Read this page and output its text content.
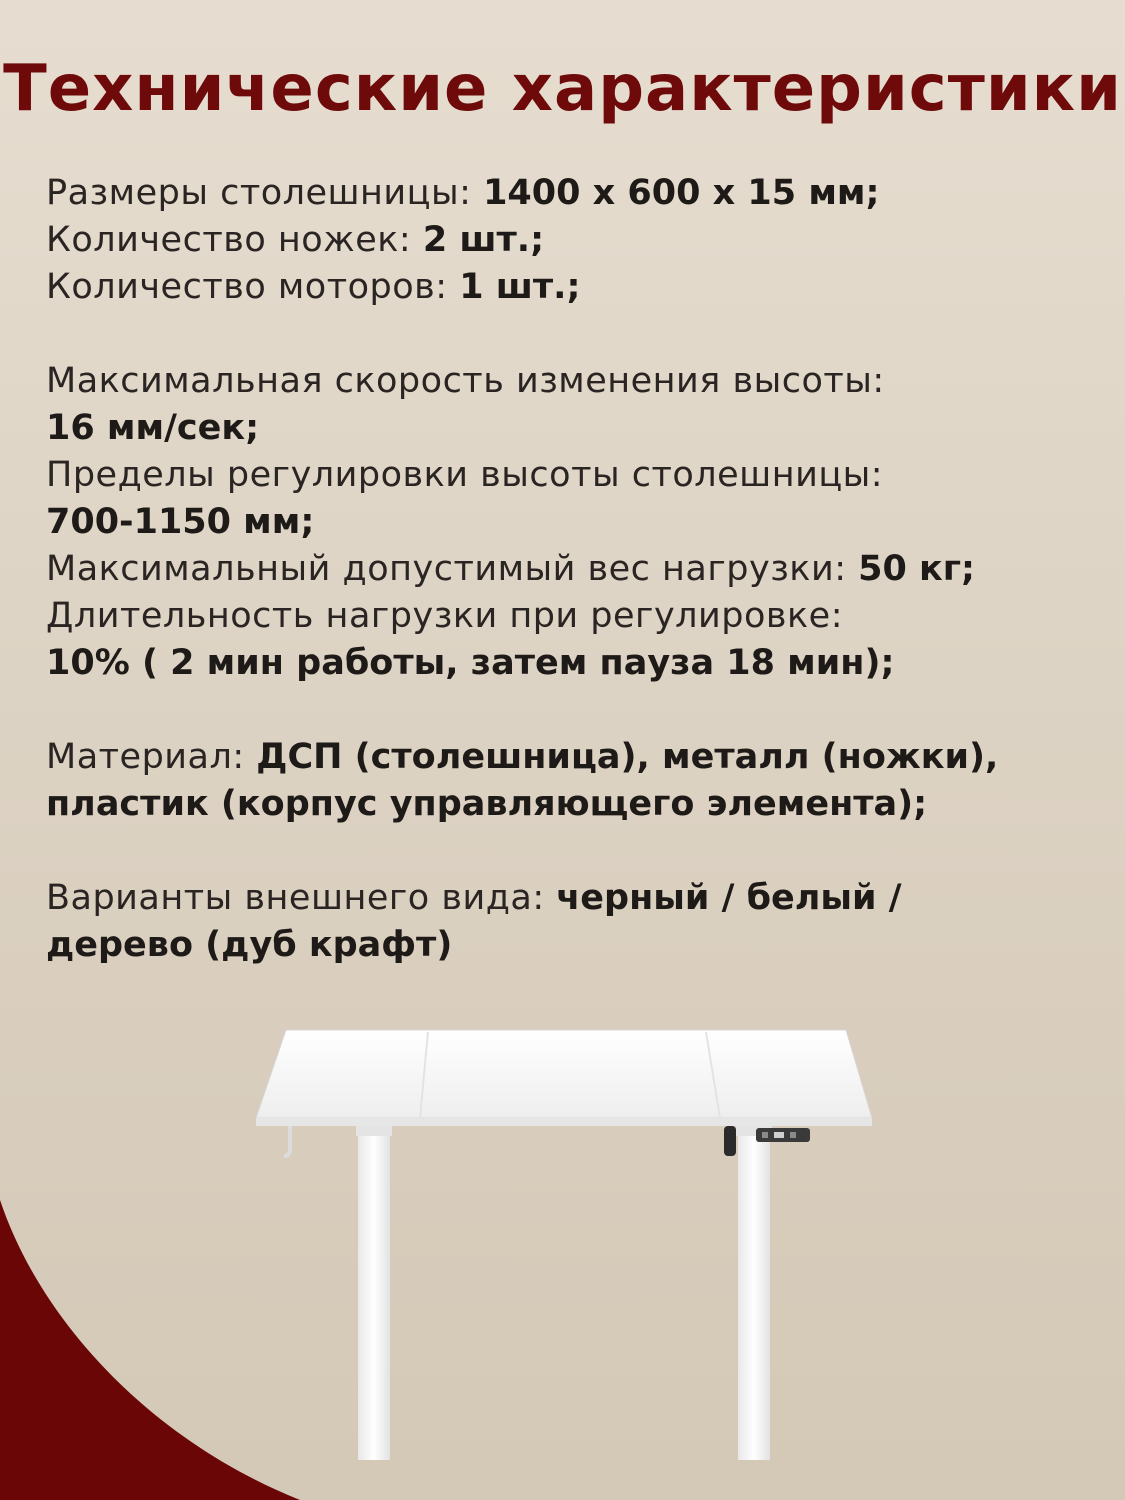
Технические характеристики
Размеры столешницы: 1400 х 600 х 15 мм;
Количество ножек: 2 шт.;
Количество моторов: 1 шт.;
Максимальная скорость изменения высоты:
16 мм/сек;
Пределы регулировки высоты столешницы:
700-1150 мм;
Максимальный допустимый вес нагрузки: 50 кг;
Длительность нагрузки при регулировке:
10% ( 2 мин работы, затем пауза 18 мин);
Материал: ДСП (столешница), металл (ножки),
пластик (корпус управляющего элемента);
Варианты внешнего вида: черный / белый /
дерево (дуб крафт)
